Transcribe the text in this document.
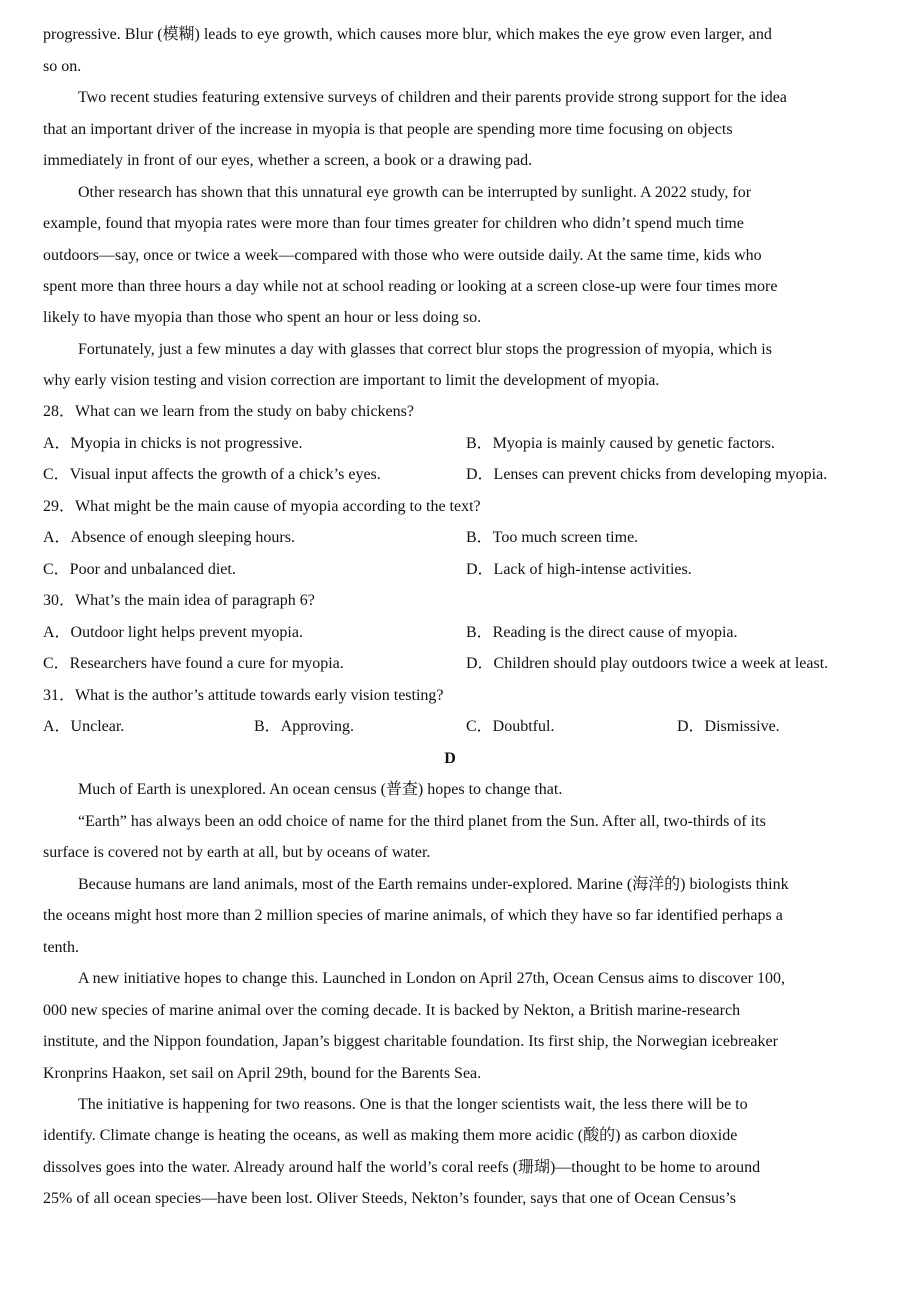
progressive. Blur (模糊) leads to eye growth, which causes more blur, which makes the eye grow even larger, and
so on.
Two recent studies featuring extensive surveys of children and their parents provide strong support for the idea
that an important driver of the increase in myopia is that people are spending more time focusing on objects
immediately in front of our eyes, whether a screen, a book or a drawing pad.
Other research has shown that this unnatural eye growth can be interrupted by sunlight. A 2022 study, for
example, found that myopia rates were more than four times greater for children who didn’t spend much time
outdoors—say, once or twice a week—compared with those who were outside daily. At the same time, kids who
spent more than three hours a day while not at school reading or looking at a screen close-up were four times more
likely to have myopia than those who spent an hour or less doing so.
Fortunately, just a few minutes a day with glasses that correct blur stops the progression of myopia, which is
why early vision testing and vision correction are important to limit the development of myopia.
28．What can we learn from the study on baby chickens?
A．Myopia in chicks is not progressive.	B．Myopia is mainly caused by genetic factors.
C．Visual input affects the growth of a chick’s eyes.	D．Lenses can prevent chicks from developing myopia.
29．What might be the main cause of myopia according to the text?
A．Absence of enough sleeping hours.	B．Too much screen time.
C．Poor and unbalanced diet.	D．Lack of high-intense activities.
30．What’s the main idea of paragraph 6?
A．Outdoor light helps prevent myopia.	B．Reading is the direct cause of myopia.
C．Researchers have found a cure for myopia.	D．Children should play outdoors twice a week at least.
31．What is the author’s attitude towards early vision testing?
A．Unclear.	B．Approving.	C．Doubtful.	D．Dismissive.
D
Much of Earth is unexplored. An ocean census (普查) hopes to change that.
“Earth” has always been an odd choice of name for the third planet from the Sun. After all, two-thirds of its
surface is covered not by earth at all, but by oceans of water.
Because humans are land animals, most of the Earth remains under-explored. Marine (海洋的) biologists think
the oceans might host more than 2 million species of marine animals, of which they have so far identified perhaps a
tenth.
A new initiative hopes to change this. Launched in London on April 27th, Ocean Census aims to discover 100,
000 new species of marine animal over the coming decade. It is backed by Nekton, a British marine-research
institute, and the Nippon foundation, Japan’s biggest charitable foundation. Its first ship, the Norwegian icebreaker
Kronprins Haakon, set sail on April 29th, bound for the Barents Sea.
The initiative is happening for two reasons. One is that the longer scientists wait, the less there will be to
identify. Climate change is heating the oceans, as well as making them more acidic (酸的) as carbon dioxide
dissolves goes into the water. Already around half the world’s coral reefs (珊瑚)—thought to be home to around
25% of all ocean species—have been lost. Oliver Steeds, Nekton’s founder, says that one of Ocean Census’s
